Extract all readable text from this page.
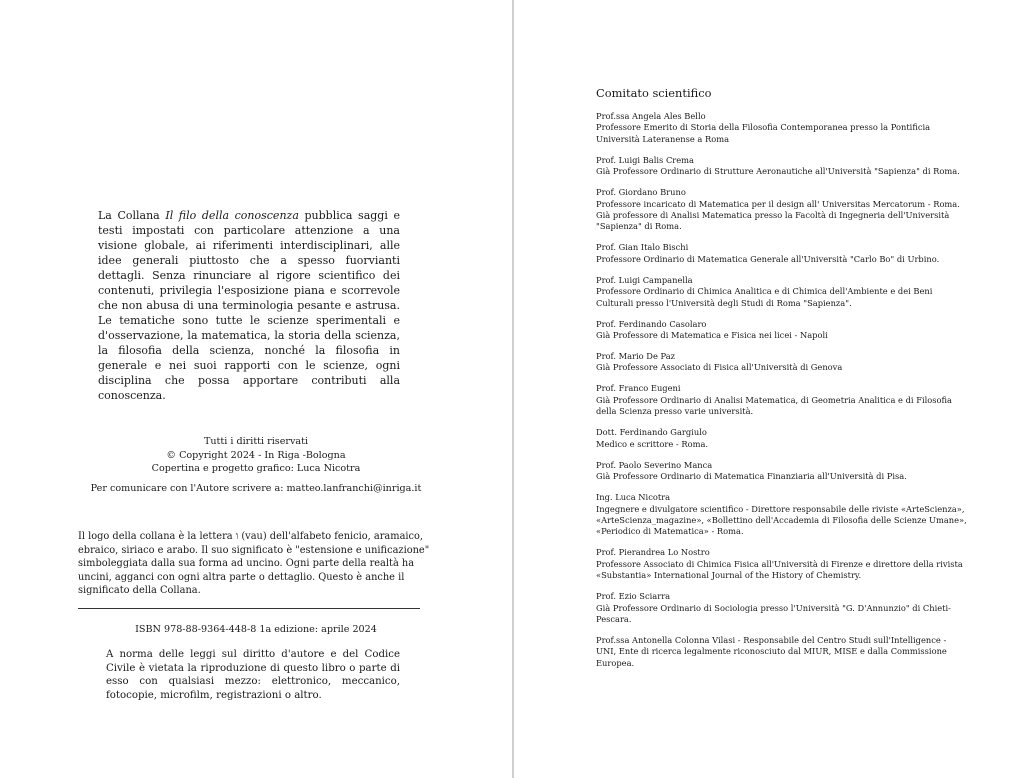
La Collana Il filo della conoscenza pubblica saggi e testi impostati con particolare attenzione a una visione globale, ai riferimenti interdisciplinari, alle idee generali piuttosto che a spesso fuorvianti dettagli. Senza rinunciare al rigore scientifico dei contenuti, privilegia l'esposizione piana e scorrevole che non abusa di una terminologia pesante e astrusa. Le tematiche sono tutte le scienze sperimentali e d'osservazione, la matematica, la storia della scienza, la filosofia della scienza, nonché la filosofia in generale e nei suoi rapporti con le scienze, ogni disciplina che possa apportare contributi alla conoscenza.

Tutti i diritti riservati
© Copyright 2024 - In Riga -Bologna
Copertina e progetto grafico: Luca Nicotra

Per comunicare con l'Autore scrivere a: matteo.lanfranchi@inriga.it

Il logo della collana è la lettera ו (vau) dell'alfabeto fenicio, aramaico, ebraico, siriaco e arabo. Il suo significato è "estensione e unificazione" simboleggiata dalla sua forma ad uncino. Ogni parte della realtà ha uncini, agganci con ogni altra parte o dettaglio. Questo è anche il significato della Collana.

ISBN 978-88-9364-448-8 1a edizione: aprile 2024

A norma delle leggi sul diritto d'autore e del Codice Civile è vietata la riproduzione di questo libro o parte di esso con qualsiasi mezzo: elettronico, meccanico, fotocopie, microfilm, registrazioni o altro.

Comitato scientifico
Prof.ssa Angela Ales Bello
Professore Emerito di Storia della Filosofia Contemporanea presso la Pontificia Università Lateranense a Roma
Prof. Luigi Balis Crema
Già Professore Ordinario di Strutture Aeronautiche all'Università "Sapienza" di Roma.
Prof. Giordano Bruno
Professore incaricato di Matematica per il design all' Universitas Mercatorum - Roma. Già professore di Analisi Matematica presso la Facoltà di Ingegneria dell'Università "Sapienza" di Roma.
Prof. Gian Italo Bischi
Professore Ordinario di Matematica Generale all'Università "Carlo Bo" di Urbino.
Prof. Luigi Campanella
Professore Ordinario di Chimica Analitica e di Chimica dell'Ambiente e dei Beni Culturali presso l'Università degli Studi di Roma "Sapienza".
Prof. Ferdinando Casolaro
Già Professore di Matematica e Fisica nei licei - Napoli
Prof. Mario De Paz
Già Professore Associato di Fisica all'Università di Genova
Prof. Franco Eugeni
Già Professore Ordinario di Analisi Matematica, di Geometria Analitica e di Filosofia della Scienza presso varie università.
Dott. Ferdinando Gargiulo
Medico e scrittore - Roma.
Prof. Paolo Severino Manca
Già Professore Ordinario di Matematica Finanziaria all'Università di Pisa.
Ing. Luca Nicotra
Ingegnere e divulgatore scientifico - Direttore responsabile delle riviste «ArteScienza», «ArteScienza_magazine», «Bollettino dell'Accademia di Filosofia delle Scienze Umane», «Periodico di Matematica» - Roma.
Prof. Pierandrea Lo Nostro
Professore Associato di Chimica Fisica all'Università di Firenze e direttore della rivista «Substantia» International Journal of the History of Chemistry.
Prof. Ezio Sciarra
Già Professore Ordinario di Sociologia presso l'Università "G. D'Annunzio" di Chieti-Pescara.
Prof.ssa Antonella Colonna Vilasi - Responsabile del Centro Studi sull'Intelligence - UNI, Ente di ricerca legalmente riconosciuto dal MIUR, MISE e dalla Commissione Europea.
